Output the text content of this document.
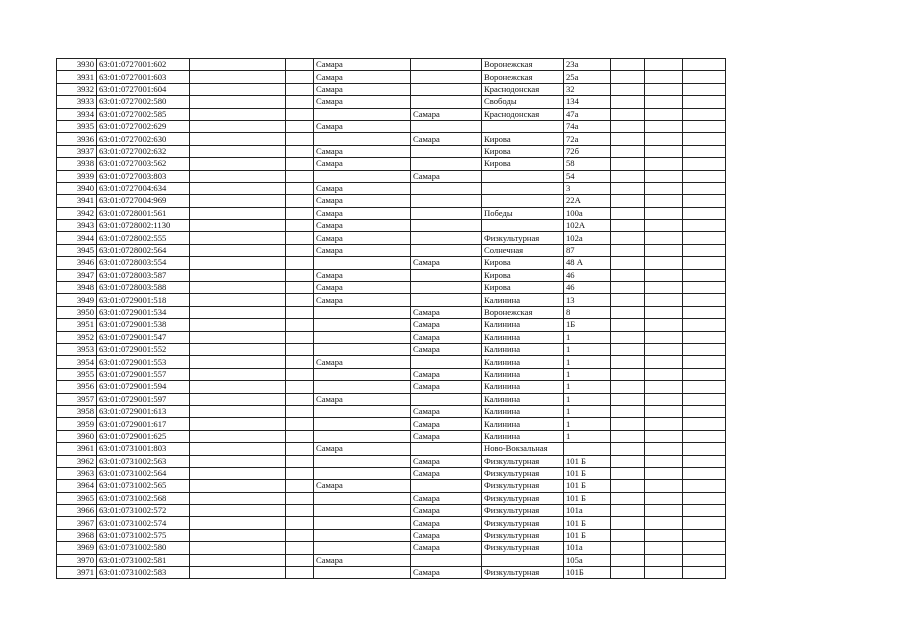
3930	63:01:0727001:602			Самара		Воронежская	23а			
3931	63:01:0727001:603			Самара		Воронежская	25а			
3932	63:01:0727001:604			Самара		Краснодонская	32			
3933	63:01:0727002:580			Самара		Свободы	134			
3934	63:01:0727002:585				Самара	Краснодонская	47а			
3935	63:01:0727002:629			Самара			74а			
3936	63:01:0727002:630				Самара	Кирова	72а			
3937	63:01:0727002:632			Самара		Кирова	72б			
3938	63:01:0727003:562			Самара		Кирова	58			
3939	63:01:0727003:803				Самара		54			
3940	63:01:0727004:634			Самара			3			
3941	63:01:0727004:969			Самара			22А			
3942	63:01:0728001:561			Самара		Победы	100а			
3943	63:01:0728002:1130			Самара			102А			
3944	63:01:0728002:555			Самара		Физкультурная	102а			
3945	63:01:0728002:564			Самара		Солнечная	87			
3946	63:01:0728003:554				Самара	Кирова	48 А			
3947	63:01:0728003:587			Самара		Кирова	46			
3948	63:01:0728003:588			Самара		Кирова	46			
3949	63:01:0729001:518			Самара		Калинина	13			
3950	63:01:0729001:534				Самара	Воронежская	8			
3951	63:01:0729001:538				Самара	Калинина	1Б			
3952	63:01:0729001:547				Самара	Калинина	1			
3953	63:01:0729001:552				Самара	Калинина	1			
3954	63:01:0729001:553			Самара		Калинина	1			
3955	63:01:0729001:557				Самара	Калинина	1			
3956	63:01:0729001:594				Самара	Калинина	1			
3957	63:01:0729001:597			Самара		Калинина	1			
3958	63:01:0729001:613				Самара	Калинина	1			
3959	63:01:0729001:617				Самара	Калинина	1			
3960	63:01:0729001:625				Самара	Калинина	1			
3961	63:01:0731001:803			Самара		Ново-Вокзальная				
3962	63:01:0731002:563				Самара	Физкультурная	101 Б			
3963	63:01:0731002:564				Самара	Физкультурная	101 Б			
3964	63:01:0731002:565			Самара		Физкультурная	101 Б			
3965	63:01:0731002:568				Самара	Физкультурная	101 Б			
3966	63:01:0731002:572				Самара	Физкультурная	101а			
3967	63:01:0731002:574				Самара	Физкультурная	101 Б			
3968	63:01:0731002:575				Самара	Физкультурная	101 Б			
3969	63:01:0731002:580				Самара	Физкультурная	101а			
3970	63:01:0731002:581			Самара			105а			
3971	63:01:0731002:583				Самара	Физкультурная	101Б			
